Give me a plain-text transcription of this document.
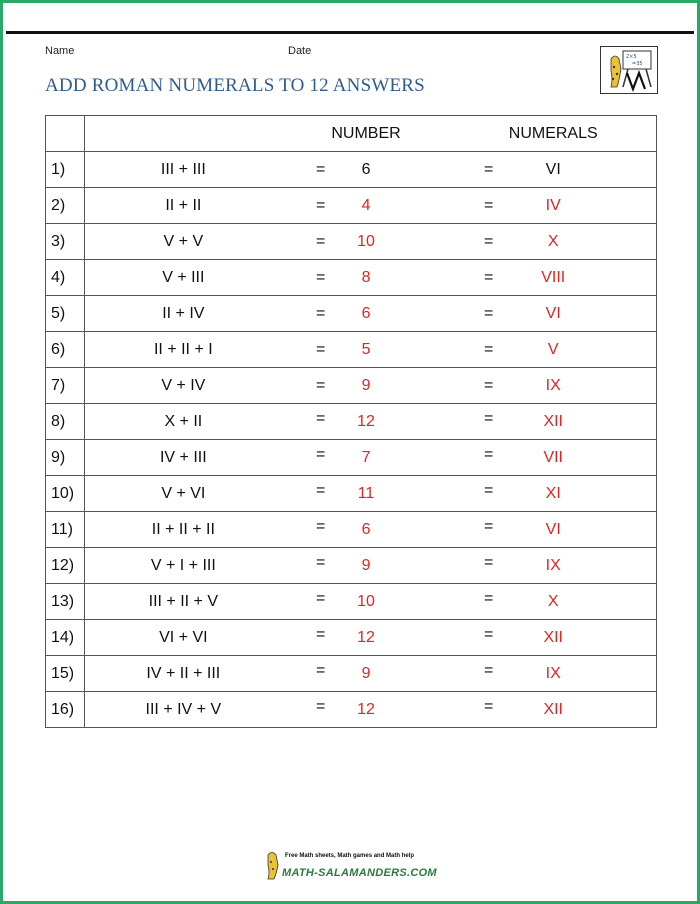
Name	Date
ADD ROMAN NUMERALS TO 12 ANSWERS
2×5
=35

	NUMBER NUMERALS

1)	III + III = 6 = VI

2)	II + II = 4 = IV

3)	V + V = 10 = X

4)	V + III = 8 = VIII

5)	II + IV = 6 = VI

6)	II + II + I = 5 = V

7)	V + IV = 9 = IX

8)	X + II = 12 = XII

9)	IV + III = 7 = VII

10)	V + VI = 11 = XI

11)	II + II + II = 6 = VI

12)	V + I + III = 9 = IX

13)	III + II + V = 10 = X

14)	VI + VI = 12 = XII

15)	IV + II + III = 9 = IX

16)	III + IV + V = 12 = XII
Free Math sheets, Math games and Math help
MATH-SALAMANDERS.COM
